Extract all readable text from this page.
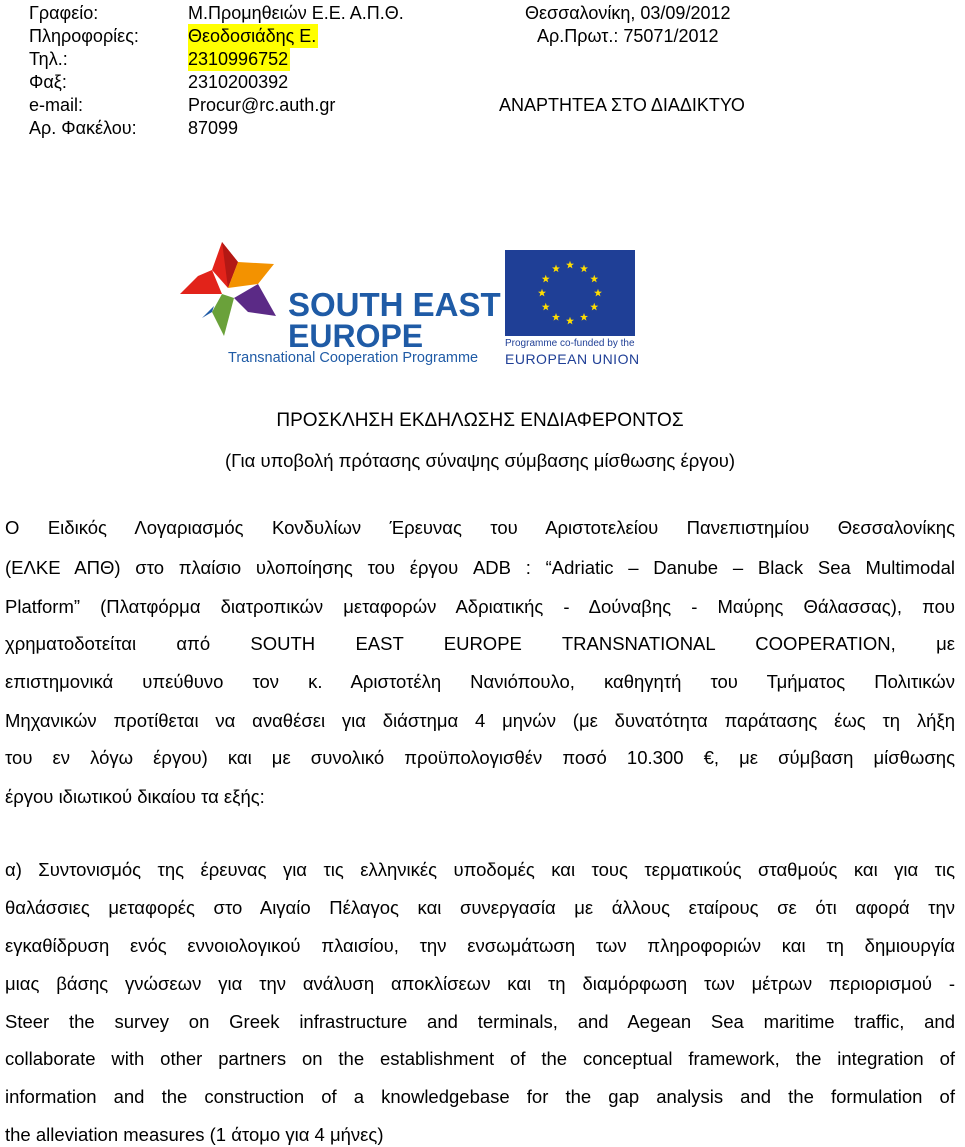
Γραφείο:	Μ.Προμηθειών Ε.Ε. Α.Π.Θ.
Πληροφορίες:	Θεοδοσιάδης Ε.
Τηλ.:	2310996752
Φαξ:	2310200392
e-mail:	Procur@rc.auth.gr
Αρ. Φακέλου:	87099
Θεσσαλονίκη, 03/09/2012
Αρ.Πρωτ.: 75071/2012
ΑΝΑΡΤΗΤΕΑ ΣΤΟ ΔΙΑΔΙΚΤΥΟ
SOUTH EAST
EUROPE
Transnational Cooperation Programme
Programme co-funded by the
EUROPEAN UNION
ΠΡΟΣΚΛΗΣΗ ΕΚΔΗΛΩΣΗΣ ΕΝΔΙΑΦΕΡΟΝΤΟΣ
(Για υποβολή πρότασης σύναψης σύμβασης μίσθωσης έργου)
Ο Ειδικός Λογαριασμός Κονδυλίων Έρευνας του Αριστοτελείου Πανεπιστημίου Θεσσαλονίκης
(ΕΛΚΕ ΑΠΘ) στο πλαίσιο υλοποίησης του έργου ADB : “Adriatic – Danube – Black Sea Multimodal
Platform” (Πλατφόρμα διατροπικών μεταφορών Αδριατικής - Δούναβης - Μαύρης Θάλασσας), που
χρηματοδοτείται από SOUTH EAST EUROPE TRANSNATIONAL COOPERATION, με
επιστημονικά υπεύθυνο τον κ. Αριστοτέλη Νανιόπουλο, καθηγητή του Τμήματος Πολιτικών
Μηχανικών προτίθεται να αναθέσει για διάστημα 4 μηνών (με δυνατότητα παράτασης έως τη λήξη
του εν λόγω έργου) και με συνολικό προϋπολογισθέν ποσό 10.300 €, με σύμβαση μίσθωσης
έργου ιδιωτικού δικαίου τα εξής:
α) Συντονισμός της έρευνας για τις ελληνικές υποδομές και τους τερματικούς σταθμούς και για τις
θαλάσσιες μεταφορές στο Αιγαίο Πέλαγος και συνεργασία με άλλους εταίρους σε ότι αφορά την
εγκαθίδρυση ενός εννοιολογικού πλαισίου, την ενσωμάτωση των πληροφοριών και τη δημιουργία
μιας βάσης γνώσεων για την ανάλυση αποκλίσεων και τη διαμόρφωση των μέτρων περιορισμού -
Steer the survey on Greek infrastructure and terminals, and Aegean Sea maritime traffic, and
collaborate with other partners on the establishment of the conceptual framework, the integration of
information and the construction of a knowledgebase for the gap analysis and the formulation of
the alleviation measures (1 άτομο για 4 μήνες)
